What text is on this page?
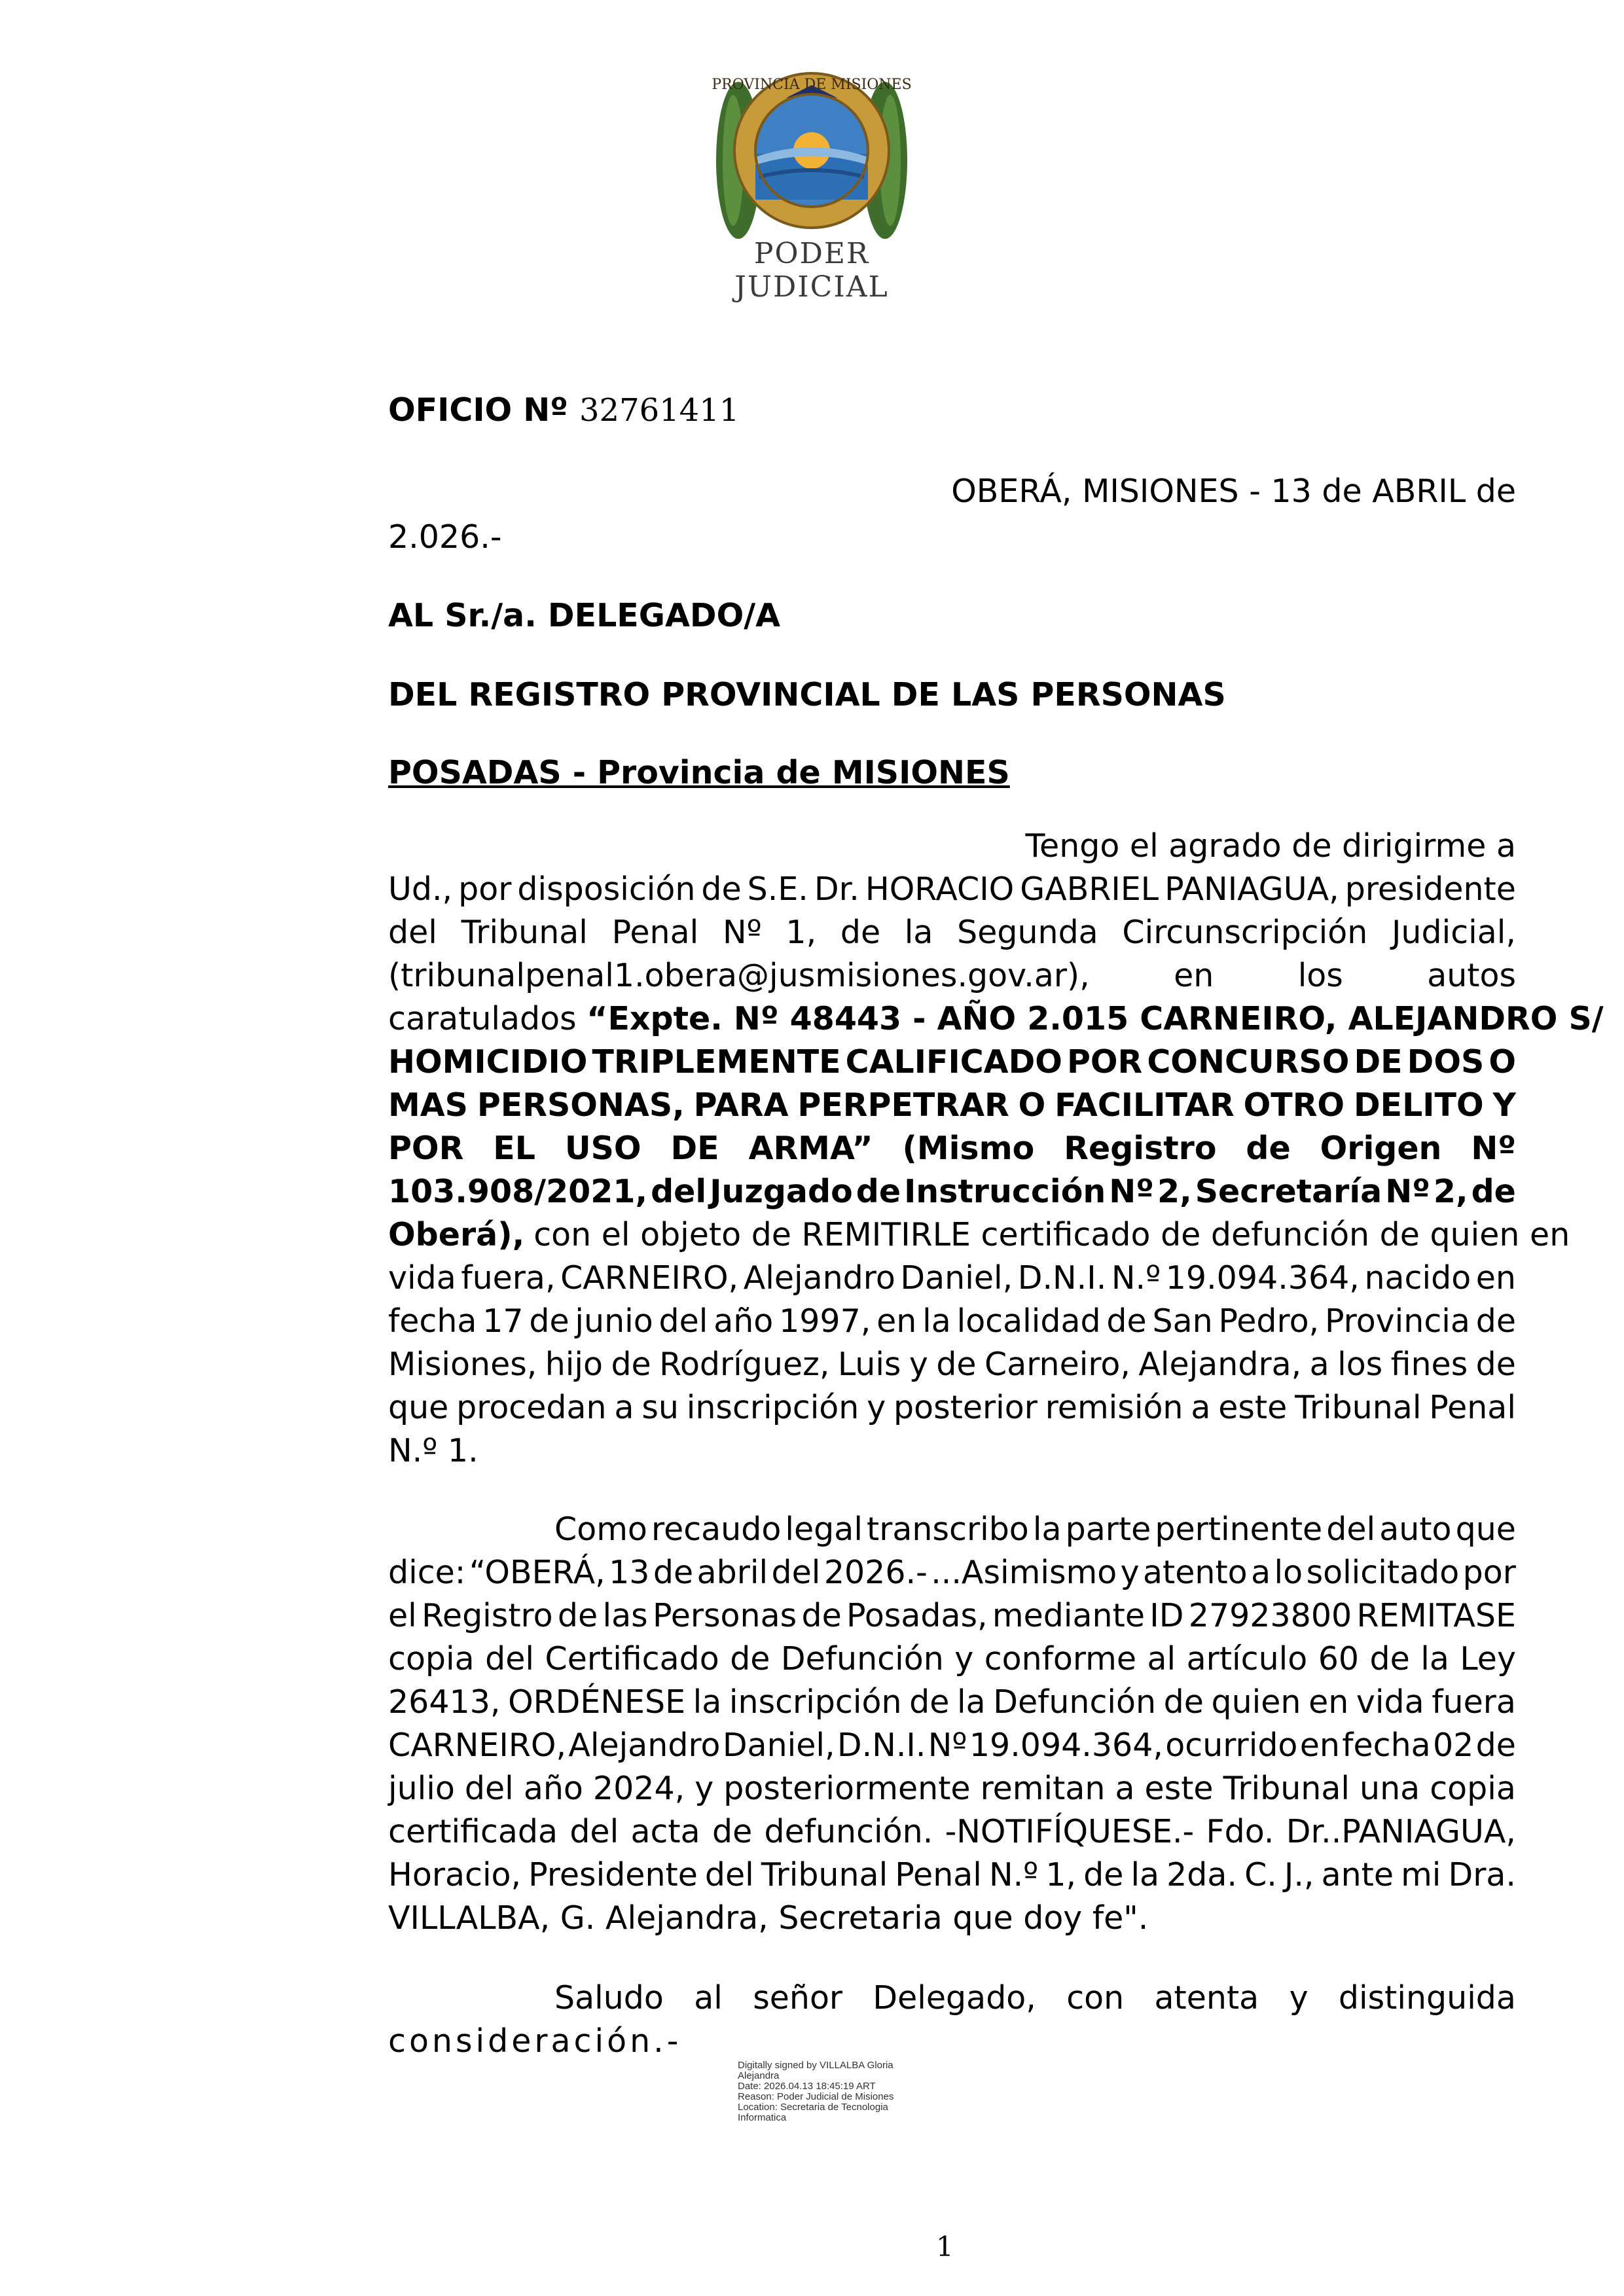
PROVINCIA DE MISIONES
PODER JUDICIAL
OFICIO Nº 32761411
OBERÁ, MISIONES - 13 de ABRIL de
2.026.-
AL Sr./a. DELEGADO/A
DEL REGISTRO PROVINCIAL DE LAS PERSONAS
POSADAS - Provincia de MISIONES
Tengo el agrado de dirigirme a
Ud., por disposición de S.E. Dr. HORACIO GABRIEL PANIAGUA, presidente
del Tribunal Penal Nº 1, de la Segunda Circunscripción Judicial,
(tribunalpenal1.obera@jusmisiones.gov.ar),	en	los	autos
caratulados “Expte. Nº 48443 - AÑO 2.015 CARNEIRO, ALEJANDRO S/
HOMICIDIO TRIPLEMENTE CALIFICADO POR CONCURSO DE DOS O
MAS PERSONAS, PARA PERPETRAR O FACILITAR OTRO DELITO Y
POR EL USO DE ARMA” (Mismo Registro de Origen Nº
103.908/2021, del Juzgado de Instrucción Nº 2, Secretaría Nº 2, de
Oberá), con el objeto de REMITIRLE certificado de defunción de quien en
vida fuera, CARNEIRO, Alejandro Daniel, D.N.I. N.º 19.094.364, nacido en
fecha 17 de junio del año 1997, en la localidad de San Pedro, Provincia de
Misiones, hijo de Rodríguez, Luis y de Carneiro, Alejandra, a los fines de
que procedan a su inscripción y posterior remisión a este Tribunal Penal
N.º 1.
Como recaudo legal transcribo la parte pertinente del auto que
dice: “OBERÁ, 13 de abril del 2026.- ...Asimismo y atento a lo solicitado por
el Registro de las Personas de Posadas, mediante ID 27923800 REMITASE
copia del Certificado de Defunción y conforme al artículo 60 de la Ley
26413, ORDÉNESE la inscripción de la Defunción de quien en vida fuera
CARNEIRO, Alejandro Daniel, D.N.I. Nº 19.094.364, ocurrido en fecha 02 de
julio del año 2024, y posteriormente remitan a este Tribunal una copia
certificada del acta de defunción. -NOTIFÍQUESE.- Fdo. Dr..PANIAGUA,
Horacio, Presidente del Tribunal Penal N.º 1, de la 2da. C. J., ante mi Dra.
VILLALBA, G. Alejandra, Secretaria que doy fe".
Saludo al señor Delegado, con atenta y distinguida
consideración.-
Digitally signed by VILLALBA Gloria
Alejandra
Date: 2026.04.13 18:45:19 ART
Reason: Poder Judicial de Misiones
Location: Secretaria de Tecnologia
Informatica
1
